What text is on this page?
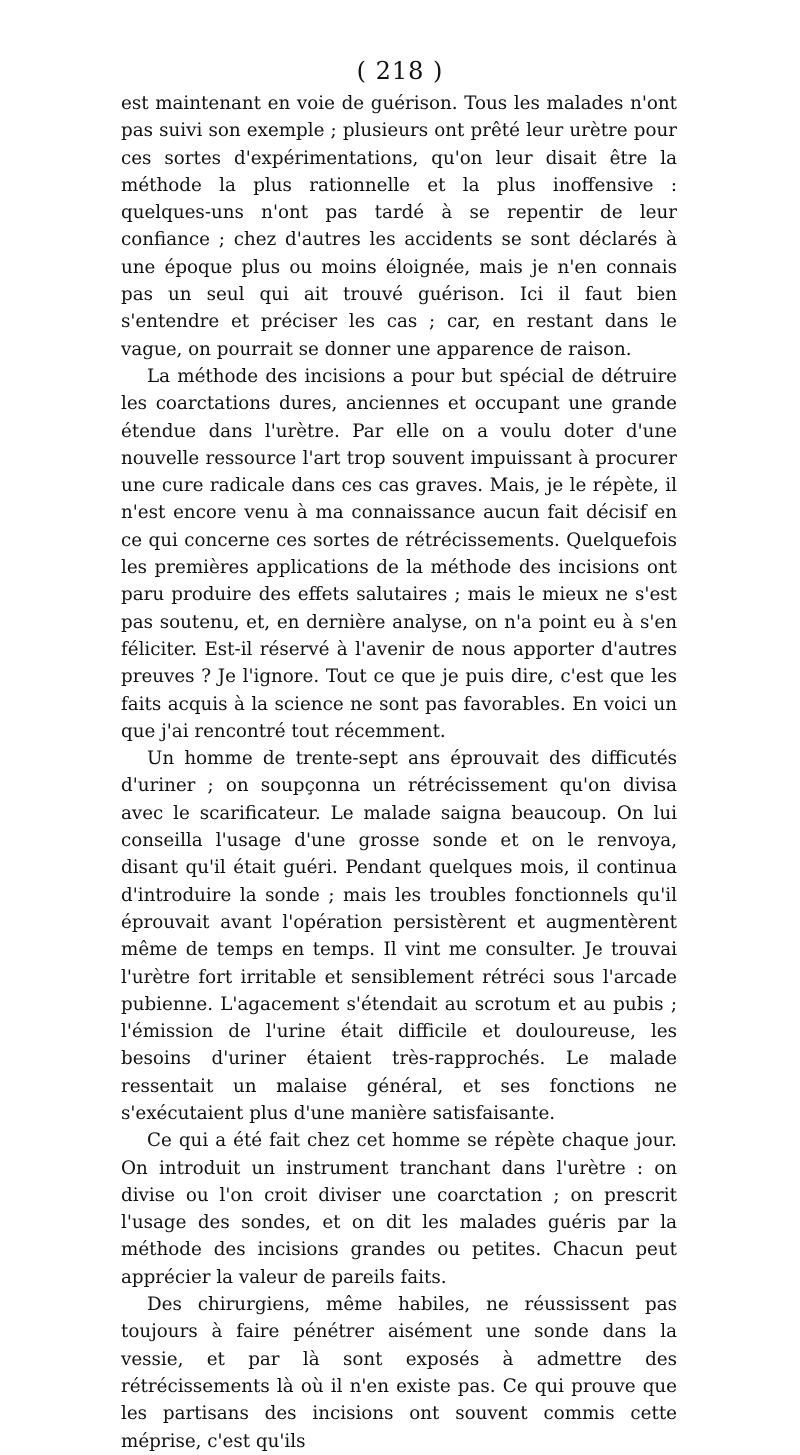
( 218 )

est maintenant en voie de guérison. Tous les malades n'ont pas suivi son exemple ; plusieurs ont prêté leur urètre pour ces sortes d'expérimentations, qu'on leur disait être la méthode la plus rationnelle et la plus inoffensive : quelques-uns n'ont pas tardé à se repentir de leur confiance ; chez d'autres les accidents se sont déclarés à une époque plus ou moins éloignée, mais je n'en connais pas un seul qui ait trouvé guérison. Ici il faut bien s'entendre et préciser les cas ; car, en restant dans le vague, on pourrait se donner une apparence de raison.

La méthode des incisions a pour but spécial de détruire les coarctations dures, anciennes et occupant une grande étendue dans l'urètre. Par elle on a voulu doter d'une nouvelle ressource l'art trop souvent impuissant à procurer une cure radicale dans ces cas graves. Mais, je le répète, il n'est encore venu à ma connaissance aucun fait décisif en ce qui concerne ces sortes de rétrécissements. Quelquefois les premières applications de la méthode des incisions ont paru produire des effets salutaires ; mais le mieux ne s'est pas soutenu, et, en dernière analyse, on n'a point eu à s'en féliciter. Est-il réservé à l'avenir de nous apporter d'autres preuves ? Je l'ignore. Tout ce que je puis dire, c'est que les faits acquis à la science ne sont pas favorables. En voici un que j'ai rencontré tout récemment.

Un homme de trente-sept ans éprouvait des difficutés d'uriner ; on soupçonna un rétrécissement qu'on divisa avec le scarificateur. Le malade saigna beaucoup. On lui conseilla l'usage d'une grosse sonde et on le renvoya, disant qu'il était guéri. Pendant quelques mois, il continua d'introduire la sonde ; mais les troubles fonctionnels qu'il éprouvait avant l'opération persistèrent et augmentèrent même de temps en temps. Il vint me consulter. Je trouvai l'urètre fort irritable et sensiblement rétréci sous l'arcade pubienne. L'agacement s'étendait au scrotum et au pubis ; l'émission de l'urine était difficile et douloureuse, les besoins d'uriner étaient très-rapprochés. Le malade ressentait un malaise général, et ses fonctions ne s'exécutaient plus d'une manière satisfaisante.

Ce qui a été fait chez cet homme se répète chaque jour. On introduit un instrument tranchant dans l'urètre : on divise ou l'on croit diviser une coarctation ; on prescrit l'usage des sondes, et on dit les malades guéris par la méthode des incisions grandes ou petites. Chacun peut apprécier la valeur de pareils faits.

Des chirurgiens, même habiles, ne réussissent pas toujours à faire pénétrer aisément une sonde dans la vessie, et par là sont exposés à admettre des rétrécissements là où il n'en existe pas. Ce qui prouve que les partisans des incisions ont souvent commis cette méprise, c'est qu'ils
